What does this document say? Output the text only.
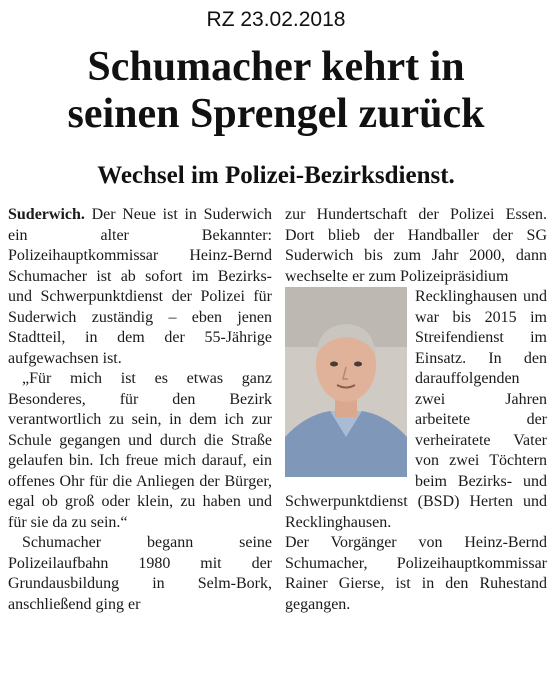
RZ 23.02.2018
Schumacher kehrt in
seinen Sprengel zurück
Wechsel im Polizei-Bezirksdienst.

Suderwich. Der Neue ist in Suderwich ein alter Bekannter: Polizeihauptkommissar Heinz-Bernd Schumacher ist ab sofort im Bezirks- und Schwerpunktdienst der Polizei für Suderwich zuständig – eben jenen Stadtteil, in dem der 55-Jährige aufgewachsen ist.

„Für mich ist es etwas ganz Besonderes, für den Bezirk verantwortlich zu sein, in dem ich zur Schule gegangen und durch die Straße gelaufen bin. Ich freue mich darauf, ein offenes Ohr für die Anliegen der Bürger, egal ob groß oder klein, zu haben und für sie da zu sein.“

Schumacher begann seine Polizeilaufbahn 1980 mit der Grundausbildung in Selm-Bork, anschließend ging er

zur Hundertschaft der Polizei Essen. Dort blieb der Handballer der SG Suderwich bis zum Jahr 2000, dann wechselte er zum Polizeipräsidium

Recklinghausen und war bis 2015 im Streifendienst im Einsatz. In den darauffolgenden zwei Jahren arbeitete der verheiratete Vater von zwei Töchtern beim Bezirks- und Schwerpunktdienst (BSD) Herten und Recklinghausen.

Der Vorgänger von Heinz-Bernd Schumacher, Polizeihauptkommissar Rainer Gierse, ist in den Ruhestand gegangen.
